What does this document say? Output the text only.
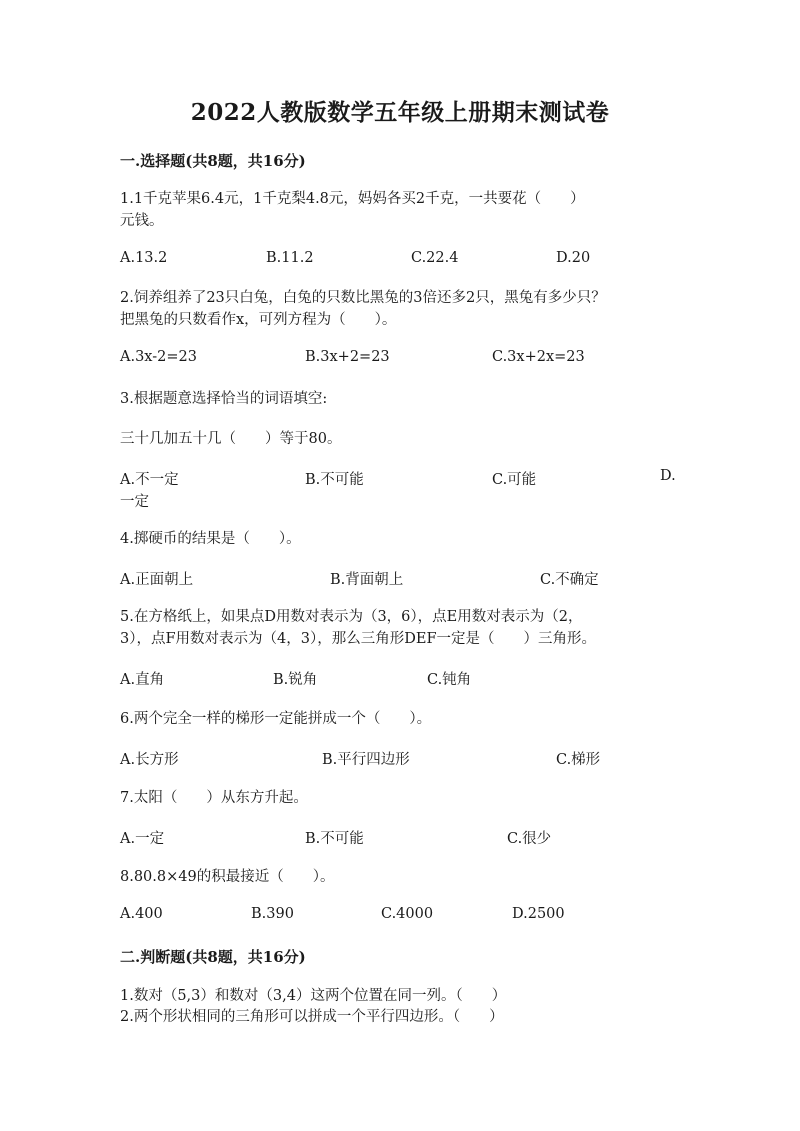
2022人教版数学五年级上册期末测试卷
一.选择题(共8题，共16分)
1.1千克苹果6.4元，1千克梨4.8元，妈妈各买2千克，一共要花（　　）
元钱。
A.13.2	B.11.2	C.22.4	D.20
2.饲养组养了23只白兔，白兔的只数比黑兔的3倍还多2只，黑兔有多少只？
把黑兔的只数看作x，可列方程为（　　）。
A.3x-2=23	B.3x+2=23	C.3x+2x=23
3.根据题意选择恰当的词语填空:
三十几加五十几（　　）等于80。
A.不一定	B.不可能	C.可能	D.
一定
4.掷硬币的结果是（　　）。
A.正面朝上	B.背面朝上	C.不确定
5.在方格纸上，如果点D用数对表示为（3，6），点E用数对表示为（2，
3），点F用数对表示为（4，3），那么三角形DEF一定是（　　）三角形。
A.直角	B.锐角	C.钝角
6.两个完全一样的梯形一定能拼成一个（　　）。
A.长方形	B.平行四边形	C.梯形
7.太阳（　　）从东方升起。
A.一定	B.不可能	C.很少
8.80.8×49的积最接近（　　）。
A.400	B.390	C.4000	D.2500
二.判断题(共8题，共16分)
1.数对（5,3）和数对（3,4）这两个位置在同一列。（　　）
2.两个形状相同的三角形可以拼成一个平行四边形。（　　）
